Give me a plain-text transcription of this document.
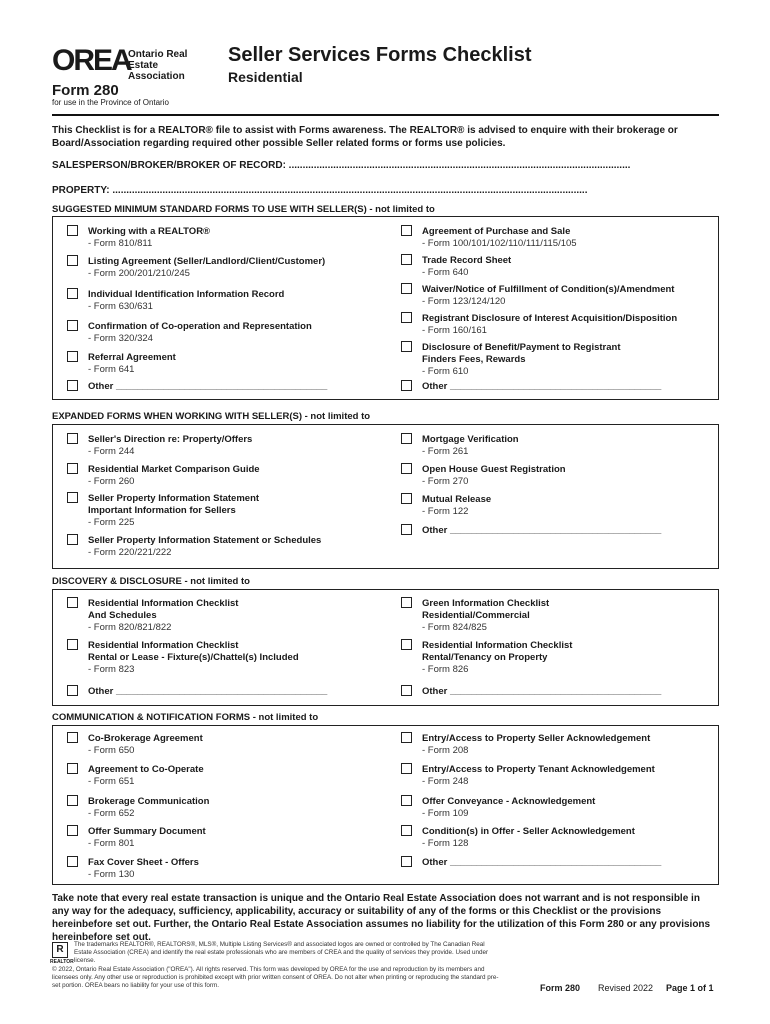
OREA
Ontario Real Estate
Association
Form 280
for use in the Province of Ontario
Seller Services Forms Checklist
Residential
This Checklist is for a REALTOR® file to assist with Forms awareness. The REALTOR® is advised to enquire with their brokerage or Board/Association regarding required other possible Seller related forms or forms use policies.
SALESPERSON/BROKER/BROKER OF RECORD: ...........................................................................................................................
PROPERTY: ...........................................................................................................................................................................
SUGGESTED MINIMUM STANDARD FORMS TO USE WITH SELLER(S) - not limited to
Working with a REALTOR®
- Form 810/811
Listing Agreement (Seller/Landlord/Client/Customer)
- Form 200/201/210/245
Individual Identification Information Record
- Form 630/631
Confirmation of Co-operation and Representation
- Form 320/324
Referral Agreement
- Form 641
Other ________________________________________
Agreement of Purchase and Sale
- Form 100/101/102/110/111/115/105
Trade Record Sheet
- Form 640
Waiver/Notice of Fulfillment of Condition(s)/Amendment
- Form 123/124/120
Registrant Disclosure of Interest Acquisition/Disposition
- Form 160/161
Disclosure of Benefit/Payment to Registrant
Finders Fees, Rewards
- Form 610
Other ________________________________________
EXPANDED FORMS WHEN WORKING WITH SELLER(S) - not limited to
Seller's Direction re: Property/Offers
- Form 244
Residential Market Comparison Guide
- Form 260
Seller Property Information Statement
Important Information for Sellers
- Form 225
Seller Property Information Statement or Schedules
- Form 220/221/222
Mortgage Verification
- Form 261
Open House Guest Registration
- Form 270
Mutual Release
- Form 122
Other ________________________________________
DISCOVERY & DISCLOSURE - not limited to
Residential Information Checklist
And Schedules
- Form 820/821/822
Residential Information Checklist
Rental or Lease - Fixture(s)/Chattel(s) Included
- Form 823
Other ________________________________________
Green Information Checklist
Residential/Commercial
- Form 824/825
Residential Information Checklist
Rental/Tenancy on Property
- Form 826
Other ________________________________________
COMMUNICATION & NOTIFICATION FORMS - not limited to
Co-Brokerage Agreement
- Form 650
Agreement to Co-Operate
- Form 651
Brokerage Communication
- Form 652
Offer Summary Document
- Form 801
Fax Cover Sheet - Offers
- Form 130
Entry/Access to Property Seller Acknowledgement
- Form 208
Entry/Access to Property Tenant Acknowledgement
- Form 248
Offer Conveyance - Acknowledgement
- Form 109
Condition(s) in Offer - Seller Acknowledgement
- Form 128
Other ________________________________________
Take note that every real estate transaction is unique and the Ontario Real Estate Association does not warrant and is not responsible in any way for the adequacy, sufficiency, applicability, accuracy or suitability of any of the forms or this Checklist or the provisions hereinbefore set out. Further, the Ontario Real Estate Association assumes no liability for the utilization of this Form 280 or any provisions hereinbefore set out.
R
REALTOR
The trademarks REALTOR®, REALTORS®, MLS®, Multiple Listing Services® and associated logos are owned or controlled by The Canadian Real Estate Association (CREA) and identify the real estate professionals who are members of CREA and the quality of services they provide. Used under license.
© 2022, Ontario Real Estate Association ("OREA"). All rights reserved. This form was developed by OREA for the use and reproduction by its members and licensees only. Any other use or reproduction is prohibited except with prior written consent of OREA. Do not alter when printing or reproducing the standard pre-set portion. OREA bears no liability for your use of this form.	Form 280 Revised 2022 Page 1 of 1
